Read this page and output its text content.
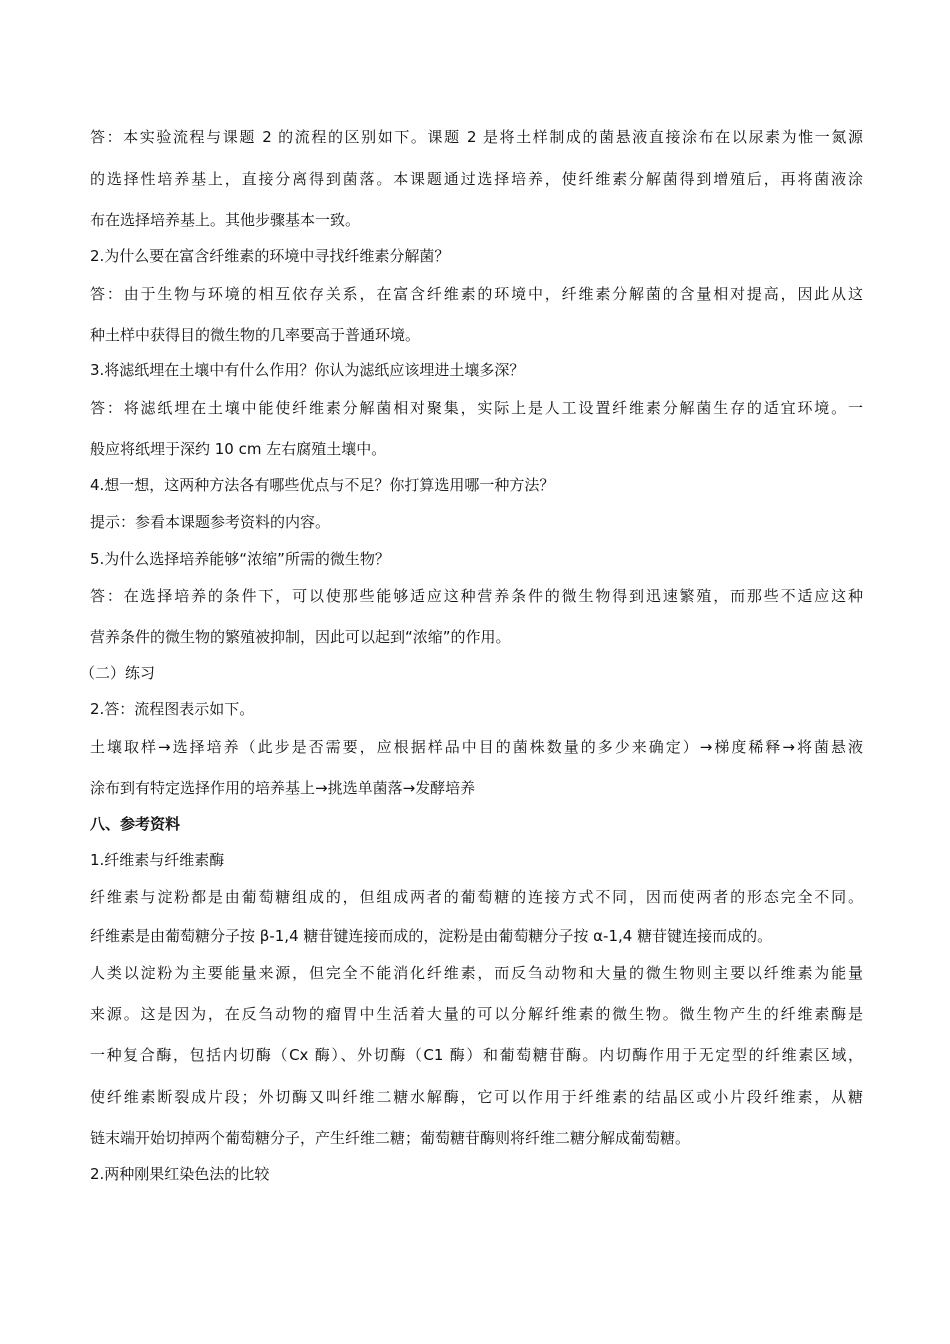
答：本实验流程与课题 2 的流程的区别如下。课题 2 是将土样制成的菌悬液直接涂布在以尿素为惟一氮源
的选择性培养基上，直接分离得到菌落。本课题通过选择培养，使纤维素分解菌得到增殖后，再将菌液涂
布在选择培养基上。其他步骤基本一致。
2.为什么要在富含纤维素的环境中寻找纤维素分解菌？
答：由于生物与环境的相互依存关系，在富含纤维素的环境中，纤维素分解菌的含量相对提高，因此从这
种土样中获得目的微生物的几率要高于普通环境。
3.将滤纸埋在土壤中有什么作用？你认为滤纸应该埋进土壤多深？
答：将滤纸埋在土壤中能使纤维素分解菌相对聚集，实际上是人工设置纤维素分解菌生存的适宜环境。一
般应将纸埋于深约 10 cm 左右腐殖土壤中。
4.想一想，这两种方法各有哪些优点与不足？你打算选用哪一种方法？
提示：参看本课题参考资料的内容。
5.为什么选择培养能够“浓缩”所需的微生物？
答：在选择培养的条件下，可以使那些能够适应这种营养条件的微生物得到迅速繁殖，而那些不适应这种
营养条件的微生物的繁殖被抑制，因此可以起到“浓缩”的作用。
（二）练习
2.答：流程图表示如下。
土壤取样→选择培养（此步是否需要，应根据样品中目的菌株数量的多少来确定）→梯度稀释→将菌悬液
涂布到有特定选择作用的培养基上→挑选单菌落→发酵培养
八、参考资料
1.纤维素与纤维素酶
纤维素与淀粉都是由葡萄糖组成的，但组成两者的葡萄糖的连接方式不同，因而使两者的形态完全不同。
纤维素是由葡萄糖分子按 β-1,4 糖苷键连接而成的，淀粉是由葡萄糖分子按 α-1,4 糖苷键连接而成的。
人类以淀粉为主要能量来源，但完全不能消化纤维素，而反刍动物和大量的微生物则主要以纤维素为能量
来源。这是因为，在反刍动物的瘤胃中生活着大量的可以分解纤维素的微生物。微生物产生的纤维素酶是
一种复合酶，包括内切酶（Cx 酶）、外切酶（C1 酶）和葡萄糖苷酶。内切酶作用于无定型的纤维素区域，
使纤维素断裂成片段；外切酶又叫纤维二糖水解酶，它可以作用于纤维素的结晶区或小片段纤维素，从糖
链末端开始切掉两个葡萄糖分子，产生纤维二糖；葡萄糖苷酶则将纤维二糖分解成葡萄糖。
2.两种刚果红染色法的比较
